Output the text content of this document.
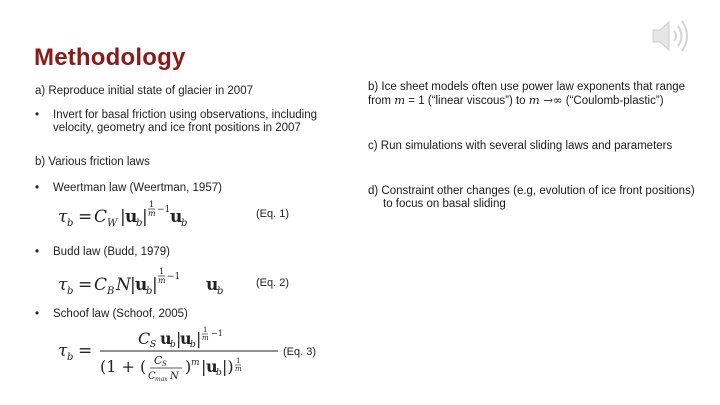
Methodology
a) Reproduce initial state of glacier in 2007
• Invert for basal friction using observations, including
velocity, geometry and ice front positions in 2007
b) Various friction laws
• Weertman law (Weertman, 1957)
τ b = C W | u
b |
1
m −1 u
b
(Eq. 1)
• Budd law (Budd, 1979)
τ b = C B N | u
b |
1
m −1 u
b
(Eq. 2)
• Schoof law (Schoof, 2005)
τ b =
C S u
b |
u
b | 1
m −1
(1 + ( C S
C max N
) m | u
b |) 1
m
(Eq. 3)
b) Ice sheet models often use power law exponents that range
from m = 1 (“linear viscous”) to m →∞ (“Coulomb-plastic”)
c) Run simulations with several sliding laws and parameters
d) Constraint other changes (e.g, evolution of ice front positions)
to focus on basal sliding
